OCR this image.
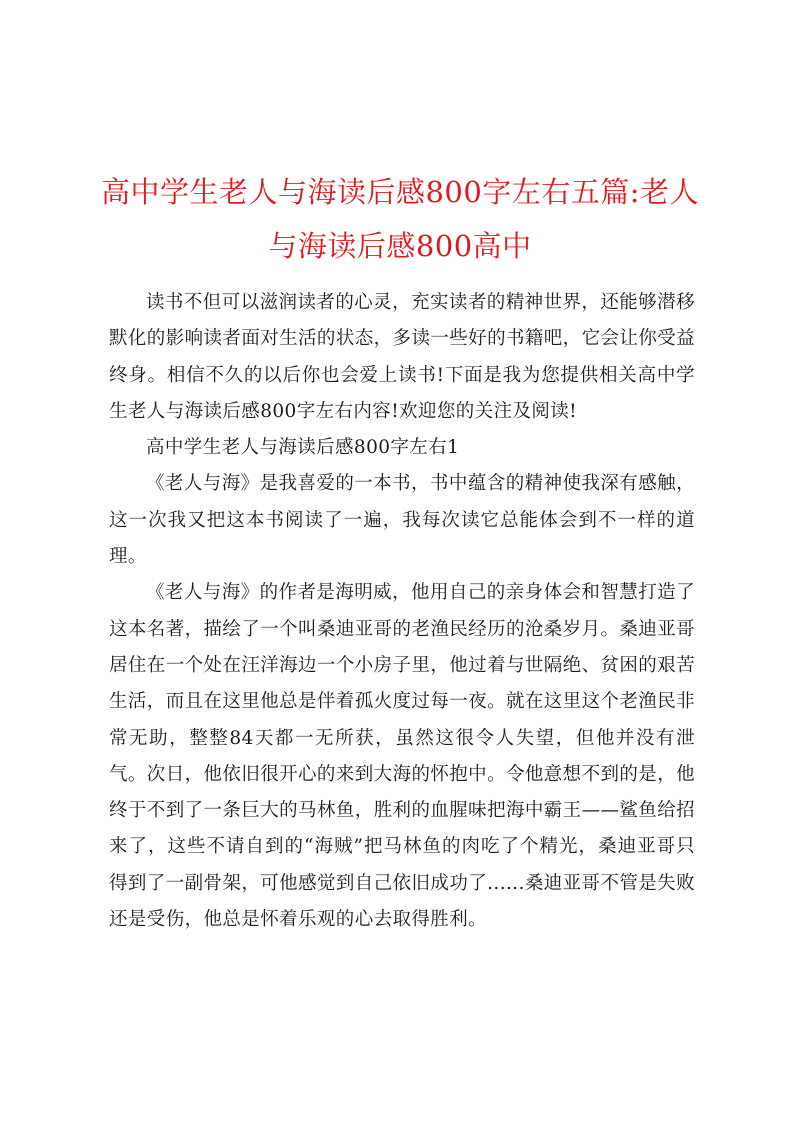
高中学生老人与海读后感800字左右五篇:老人与海读后感800高中

读书不但可以滋润读者的心灵，充实读者的精神世界，还能够潜移默化的影响读者面对生活的状态，多读一些好的书籍吧，它会让你受益终身。相信不久的以后你也会爱上读书!下面是我为您提供相关高中学生老人与海读后感800字左右内容!欢迎您的关注及阅读!

高中学生老人与海读后感800字左右1

《老人与海》是我喜爱的一本书，书中蕴含的精神使我深有感触，这一次我又把这本书阅读了一遍，我每次读它总能体会到不一样的道理。

《老人与海》的作者是海明威，他用自己的亲身体会和智慧打造了这本名著，描绘了一个叫桑迪亚哥的老渔民经历的沧桑岁月。桑迪亚哥居住在一个处在汪洋海边一个小房子里，他过着与世隔绝、贫困的艰苦生活，而且在这里他总是伴着孤火度过每一夜。就在这里这个老渔民非常无助，整整84天都一无所获，虽然这很令人失望，但他并没有泄气。次日，他依旧很开心的来到大海的怀抱中。令他意想不到的是，他终于不到了一条巨大的马林鱼，胜利的血腥味把海中霸王——鲨鱼给招来了，这些不请自到的“海贼”把马林鱼的肉吃了个精光，桑迪亚哥只得到了一副骨架，可他感觉到自己依旧成功了......桑迪亚哥不管是失败还是受伤，他总是怀着乐观的心去取得胜利。
